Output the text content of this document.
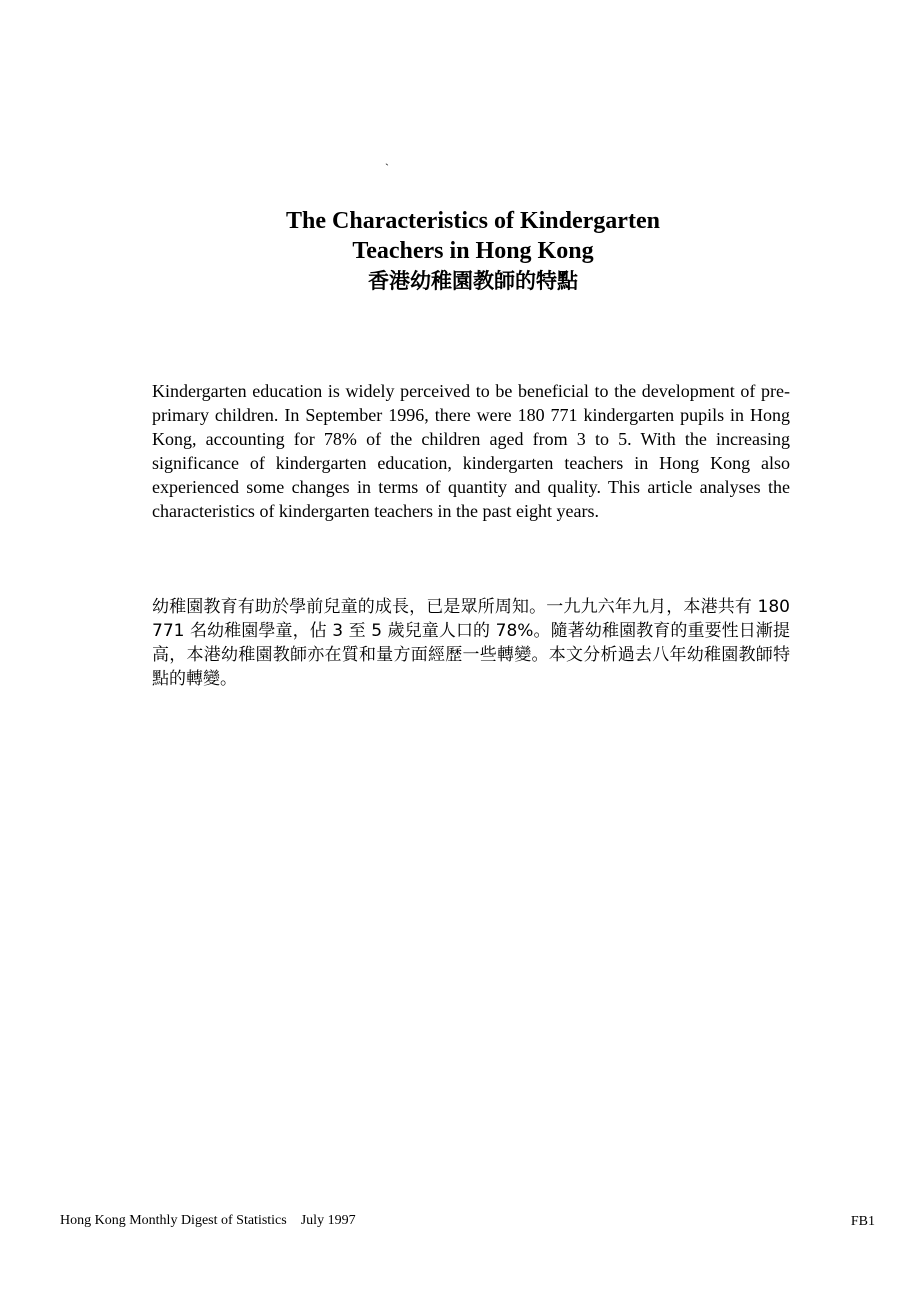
`

The Characteristics of Kindergarten

Teachers in Hong Kong

香港幼稚園教師的特點

Kindergarten education is widely perceived to be beneficial to the development of pre-primary children. In September 1996, there were 180 771 kindergarten pupils in Hong Kong, accounting for 78% of the children aged from 3 to 5. With the increasing significance of kindergarten education, kindergarten teachers in Hong Kong also experienced some changes in terms of quantity and quality. This article analyses the characteristics of kindergarten teachers in the past eight years.

幼稚園教育有助於學前兒童的成長，已是眾所周知。一九九六年九月，本港共有 180 771 名幼稚園學童，佔 3 至 5 歲兒童人口的 78%。隨著幼稚園教育的重要性日漸提高，本港幼稚園教師亦在質和量方面經歷一些轉變。本文分析過去八年幼稚園教師特點的轉變。

Hong Kong Monthly Digest of Statistics July 1997	FB1
